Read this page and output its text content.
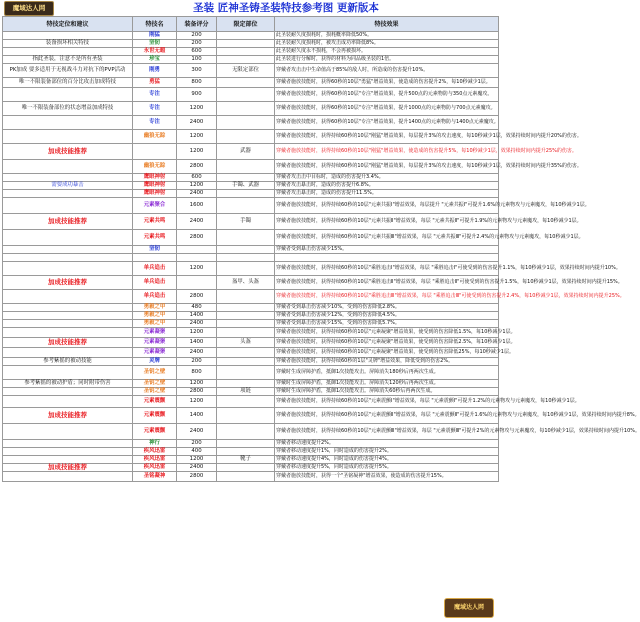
魔域达人网	圣装 匠神圣铸圣装特技参考图 更新版本
特技定位和建议	特技名	装备评分	限定部位	特技效果
	刚猛	200		此圣装耐久度损耗时，损耗概率降低50%。
装备损坏相关特技	坚韧	200		此圣装耐久度损耗时，被攻击成功率降低8%。
	永世无暇	600		此圣装耐久度永不损耗，不会再被损坏。
指此圣装，注意不是所有圣装	珍宝	100		此圣装进行分解时，获得的材料为同品级圣装的1倍。
PK加成 要多适用于无视战斗力对抗下的PVP活动	刚勇	300	无限定部位	穿戴者攻击击中生命值高于85%的敌人时，所造成的伤害提升10%。
唯一不限装备部位的百分比攻击加成特技	勇猛	800		穿戴者施放技能时，获得60秒的10层"勇猛"增益效果，使造成的伤害提升2%，每10秒减少1层。
	专注	900		穿戴者施放技能时，获得60秒的10层"专注"增益效果，提升500点的元素物防与350点元素魔攻。
唯一不限装备部位的状态增益加成特技	专注	1200		穿戴者施放技能时，获得60秒的10层"专注"增益效果，提升1000点的元素物防与700点元素魔攻。
	专注	2400		穿戴者施放技能时，获得60秒的10层"专注"增益效果，提升1400点的元素物防与1400点元素魔攻。
	幽狼无踪	1200		穿戴者施放技能时，获得持续60秒的10层"刚猛"增益效果，每层提升3%的攻击速度，每10秒减少1层，效果持续时间内提升20%的伤害。
加成技能推荐		1200	武器	穿戴者施放技能时，获得持续60秒的10层"刚猛"增益效果，使造成的伤害提升5%，每10秒减少1层，效果持续时间内提升25%的伤害。
	幽狼无踪	2800		穿戴者施放技能时，获得持续60秒的10层"刚猛"增益效果，每层提升3%的攻击速度，每10秒减少1层，效果持续时间内提升35%的伤害。
	鹰眼神射	600		穿戴者攻击击中目标时，造成的伤害提升3.4%。
需要成功暴击	鹰眼神射	1200	手镯、武器	穿戴者攻击暴击时，造成的伤害提升6.8%。
	鹰眼神射	2400		穿戴者攻击暴击时，造成的伤害提升11.5%。
	元素聚合	1600		穿戴者施放技能时，获得持续60秒的10层"元素共振Ⅰ"增益效果，每层提升 "元素共振Ⅰ"可提升1.6%的元素物攻与元素魔攻，每10秒减少1层。
加成技能推荐	元素共鸣	2400	手镯	穿戴者施放技能时，获得持续60秒的10层"元素共振Ⅱ"增益效果，每层 "元素共振Ⅱ"可提升1.9%的元素物攻与元素魔攻，每10秒减少1层。
	元素共鸣	2800		穿戴者施放技能时，获得持续60秒的10层"元素共振Ⅲ"增益效果，每层 "元素共振Ⅲ"可提升2.4%的元素物攻与元素魔攻，每10秒减少1层。
	坚韧			穿戴者受到暴击伤害减少15%。

	单兵追击	1200		穿戴者施放技能时，获得持续60秒的10层"乘胜追击Ⅰ"增益效果，每层 "乘胜追击Ⅰ"可使受到的伤害提升1.1%，每10秒减少1层，效果持续时间内提升10%。
加成技能推荐	单兵追击		盔甲、头盔	穿戴者施放技能时，获得持续60秒的10层"乘胜追击Ⅱ"增益效果，每层 "乘胜追击Ⅱ"可使受到的伤害提升1.5%，每10秒减少1层，效果持续时间内提升15%。
	单兵追击	2800		穿戴者施放技能时，获得持续60秒的10层"乘胜追击Ⅲ"增益效果，每层 "乘胜追击Ⅲ"可使受到的伤害提升2.4%，每10秒减少1层，效果持续时间内提升25%。
	勇毅之甲	480		穿戴者受到暴击伤害减少10%，受到的伤害降低2.8%。
	勇毅之甲	1400		穿戴者受到暴击伤害减少12%，受到的伤害降低4.5%。
	勇毅之甲	2400		穿戴者受到暴击伤害减少15%，受到的伤害降低5.7%。
	元素凝聚	1200		穿戴者施放技能时，获得持续60秒的10层"元素凝聚"增益效果，使受到的伤害降低1.5%，每10秒减少1层。
加成技能推荐	元素凝聚	1400	头盔	穿戴者施放技能时，获得持续60秒的10层"元素凝聚"增益效果，使受到的伤害降低2.5%，每10秒减少1层。
	元素凝聚	2400		穿戴者施放技能时，获得持续60秒的10层"元素凝聚"增益效果，使受到的伤害降低25%，每10秒减少1层。
参考紫摇的被动技能	灵牌	200		穿戴者施放技能时，获得持续60秒的1层"灵牌"增益效果，降低受到的伤害2%。
	圣钥之壁	800		穿戴时生成屏障护盾，抵御1次技能攻击。屏障消失180秒后再两次生成。
参考紫摇的被动护盾；同时附带伤害	圣钥之壁	1200		穿戴时生成屏障护盾，抵御1次技能攻击。屏障消失120秒后再两次生成。
	圣钥之壁	2800	项链	穿戴时生成屏障护盾，抵御1次技能攻击。屏障消失60秒后再两次生成。
	元素震颤	1200		穿戴者施放技能时，获得持续60秒的10层"元素震颤Ⅰ"增益效果，每层 "元素震颤Ⅰ"可提升1.2%的元素物攻与元素魔攻，每10秒减少1层。
加成技能推荐	元素震颤	1400		穿戴者施放技能时，获得持续60秒的10层"元素震颤Ⅱ"增益效果，每层 "元素震颤Ⅱ"可提升1.6%的元素物攻与元素魔攻，每10秒减少1层，效果持续时间内提升8%。
	元素震颤	2400		穿戴者施放技能时，获得持续60秒的10层"元素震颤Ⅲ"增益效果，每层 "元素震颤Ⅲ"可提升2%的元素物攻与元素魔攻，每10秒减少1层，效果持续时间内提升10%。
	神行	200		穿戴者移动速度提升2%。
	疾风迅雷	400		穿戴者移动速度提升1%，同时造成的伤害提升2%。
	疾风迅雷	1200	靴子	穿戴者移动速度提升4%，同时造成的伤害提升4%。
加成技能推荐	疾风迅雷	2400		穿戴者移动速度提升5%，同时造成的伤害提升5%。
	圣铭凝神	2800		穿戴者施放技能时，获得一个"圣铭凝神"增益效果，使造成的伤害提升15%。
魔域达人网
